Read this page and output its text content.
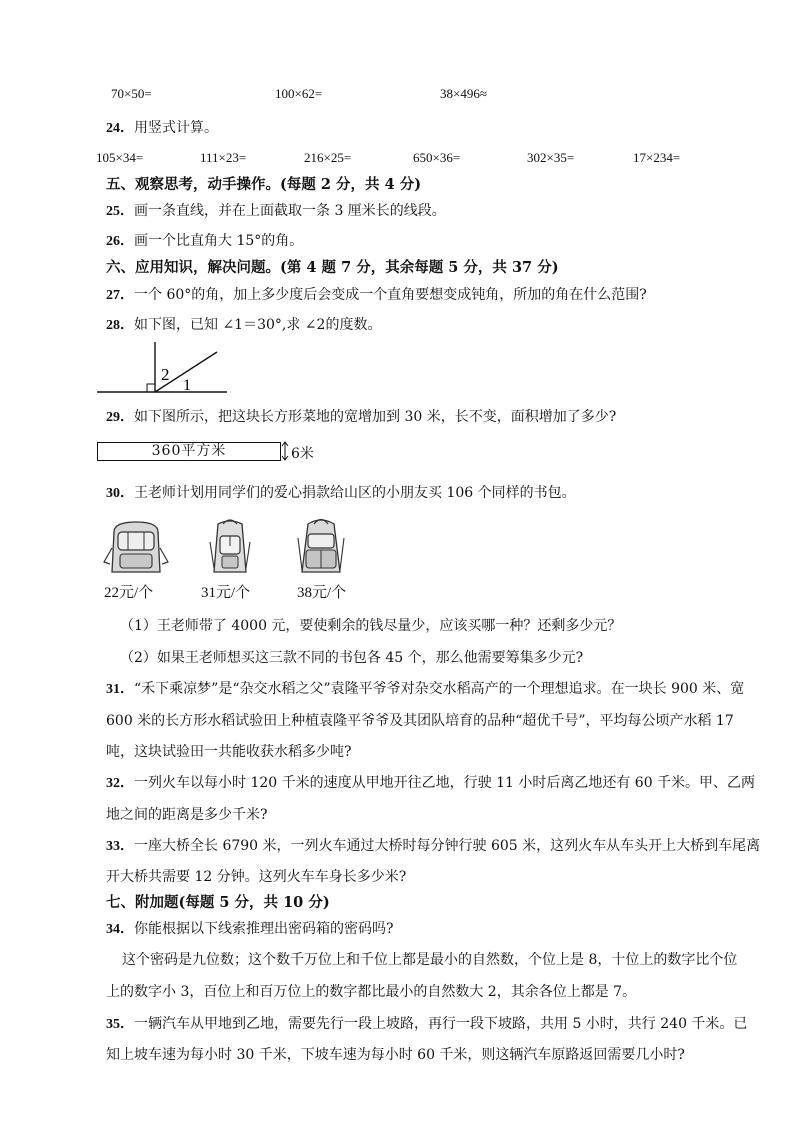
70×50=	100×62=	38×496≈
24．用竖式计算。
105×34=	111×23=	216×25=	650×36=	302×35=	17×234=
五、观察思考，动手操作。(每题 2 分，共 4 分)
25．画一条直线，并在上面截取一条 3 厘米长的线段。
26．画一个比直角大 15°的角。
六、应用知识，解决问题。(第 4 题 7 分，其余每题 5 分，共 37 分)
27．一个 60°的角，加上多少度后会变成一个直角要想变成钝角，所加的角在什么范围?
28．如下图，已知 ∠1＝30°,求 ∠2的度数。
2
1
29．如下图所示，把这块长方形菜地的宽增加到 30 米，长不变，面积增加了多少?
360平方米	6米
30．王老师计划用同学们的爱心捐款给山区的小朋友买 106 个同样的书包。
22元/个	31元/个	38元/个
（1）王老师带了 4000 元，要使剩余的钱尽量少，应该买哪一种？还剩多少元？
（2）如果王老师想买这三款不同的书包各 45 个，那么他需要筹集多少元?
31．“禾下乘凉梦”是“杂交水稻之父”袁隆平爷爷对杂交水稻高产的一个理想追求。在一块长 900 米、宽
600 米的长方形水稻试验田上种植袁隆平爷爷及其团队培育的品种“超优千号”，平均每公顷产水稻 17
吨，这块试验田一共能收获水稻多少吨?
32．一列火车以每小时 120 千米的速度从甲地开往乙地，行驶 11 小时后离乙地还有 60 千米。甲、乙两
地之间的距离是多少千米?
33．一座大桥全长 6790 米，一列火车通过大桥时每分钟行驶 605 米，这列火车从车头开上大桥到车尾离
开大桥共需要 12 分钟。这列火车车身长多少米?
七、附加题(每题 5 分，共 10 分)
34．你能根据以下线索推理出密码箱的密码吗?
这个密码是九位数；这个数千万位上和千位上都是最小的自然数，个位上是 8，十位上的数字比个位
上的数字小 3，百位上和百万位上的数字都比最小的自然数大 2，其余各位上都是 7。
35．一辆汽车从甲地到乙地，需要先行一段上坡路，再行一段下坡路，共用 5 小时，共行 240 千米。已
知上坡车速为每小时 30 千米，下坡车速为每小时 60 千米，则这辆汽车原路返回需要几小时?
